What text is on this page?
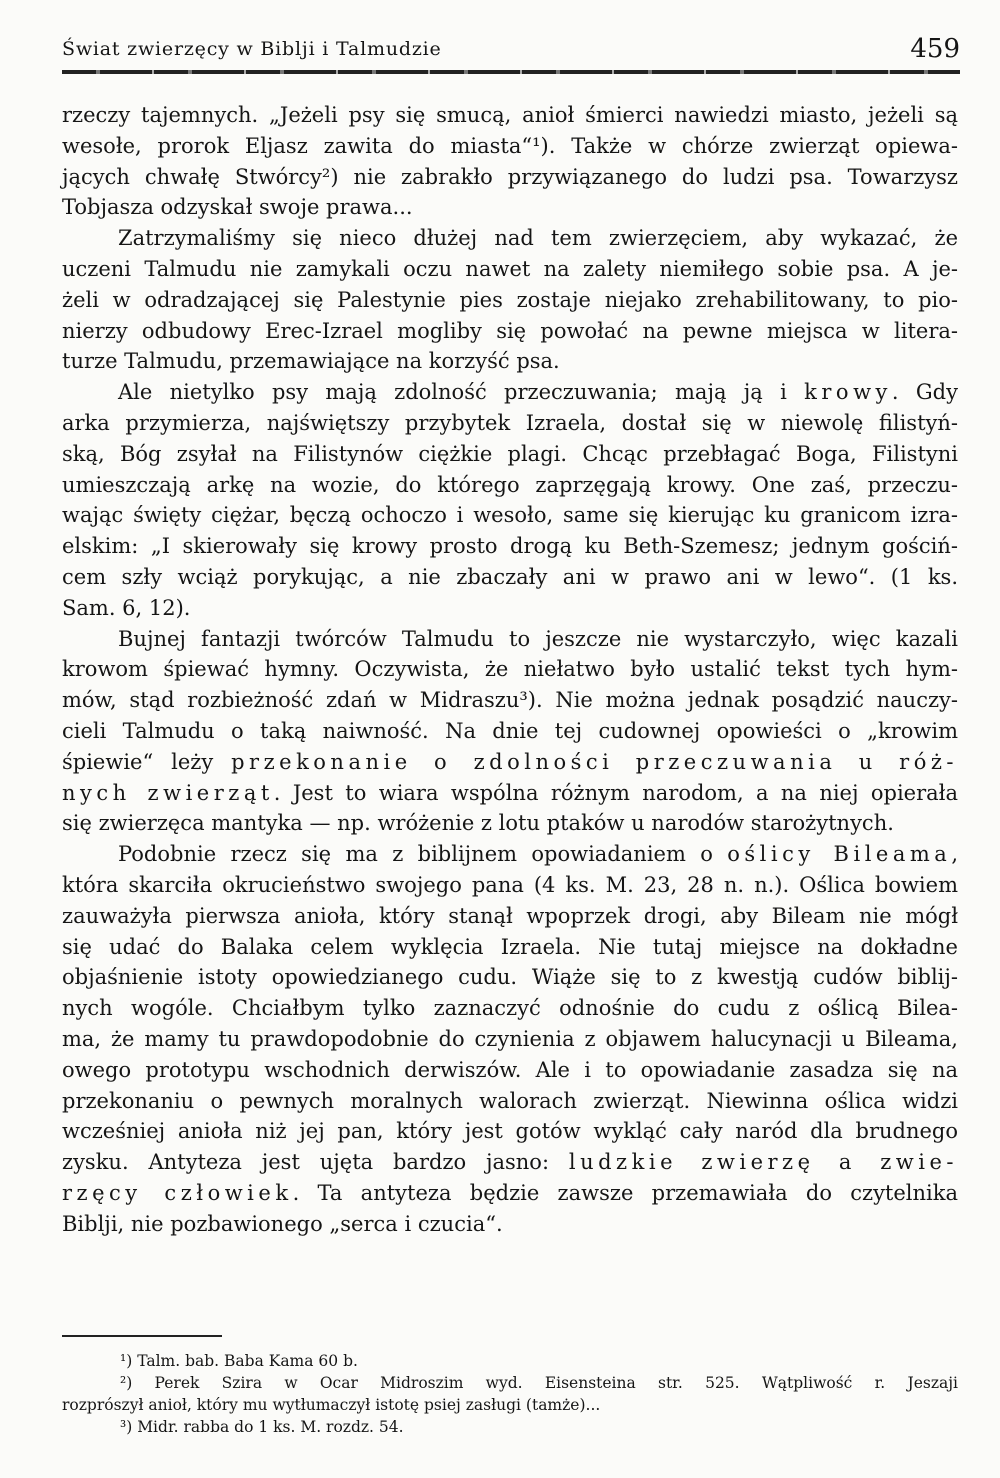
Świat zwierzęcy w Biblji i Talmudzie	459
rzeczy tajemnych. „Jeżeli psy się smucą, anioł śmierci nawiedzi miasto, jeżeli są
wesołe, prorok Eljasz zawita do miasta“¹). Także w chórze zwierząt opiewa-
jących chwałę Stwórcy²) nie zabrakło przywiązanego do ludzi psa. Towarzysz
Tobjasza odzyskał swoje prawa...
Zatrzymaliśmy się nieco dłużej nad tem zwierzęciem, aby wykazać, że
uczeni Talmudu nie zamykali oczu nawet na zalety niemiłego sobie psa. A je-
żeli w odradzającej się Palestynie pies zostaje niejako zrehabilitowany, to pio-
nierzy odbudowy Erec-Izrael mogliby się powołać na pewne miejsca w litera-
turze Talmudu, przemawiające na korzyść psa.
Ale nietylko psy mają zdolność przeczuwania; mają ją i krowy. Gdy
arka przymierza, najświętszy przybytek Izraela, dostał się w niewolę filistyń-
ską, Bóg zsyłał na Filistynów ciężkie plagi. Chcąc przebłagać Boga, Filistyni
umieszczają arkę na wozie, do którego zaprzęgają krowy. One zaś, przeczu-
wając święty ciężar, bęczą ochoczo i wesoło, same się kierując ku granicom izra-
elskim: „I skierowały się krowy prosto drogą ku Beth-Szemesz; jednym gościń-
cem szły wciąż porykując, a nie zbaczały ani w prawo ani w lewo“. (1 ks.
Sam. 6, 12).
Bujnej fantazji twórców Talmudu to jeszcze nie wystarczyło, więc kazali
krowom śpiewać hymny. Oczywista, że niełatwo było ustalić tekst tych hym-
mów, stąd rozbieżność zdań w Midraszu³). Nie można jednak posądzić nauczy-
cieli Talmudu o taką naiwność. Na dnie tej cudownej opowieści o „krowim
śpiewie“ leży przekonanie o zdolności przeczuwania u róż-
nych zwierząt. Jest to wiara wspólna różnym narodom, a na niej opierała
się zwierzęca mantyka — np. wróżenie z lotu ptaków u narodów starożytnych.
Podobnie rzecz się ma z biblijnem opowiadaniem o oślicy Bileama,
która skarciła okrucieństwo swojego pana (4 ks. M. 23, 28 n. n.). Oślica bowiem
zauważyła pierwsza anioła, który stanął wpoprzek drogi, aby Bileam nie mógł
się udać do Balaka celem wyklęcia Izraela. Nie tutaj miejsce na dokładne
objaśnienie istoty opowiedzianego cudu. Wiąże się to z kwestją cudów biblij-
nych wogóle. Chciałbym tylko zaznaczyć odnośnie do cudu z oślicą Bilea-
ma, że mamy tu prawdopodobnie do czynienia z objawem halucynacji u Bileama,
owego prototypu wschodnich derwiszów. Ale i to opowiadanie zasadza się na
przekonaniu o pewnych moralnych walorach zwierząt. Niewinna oślica widzi
wcześniej anioła niż jej pan, który jest gotów wykląć cały naród dla brudnego
zysku. Antyteza jest ujęta bardzo jasno: ludzkie zwierzę a zwie-
rzęcy człowiek. Ta antyteza będzie zawsze przemawiała do czytelnika
Biblji, nie pozbawionego „serca i czucia“.
¹) Talm. bab. Baba Kama 60 b.
²) Perek Szira w Ocar Midroszim wyd. Eisensteina str. 525. Wątpliwość r. Jeszaji
rozprószył anioł, który mu wytłumaczył istotę psiej zasługi (tamże)...
³) Midr. rabba do 1 ks. M. rozdz. 54.
